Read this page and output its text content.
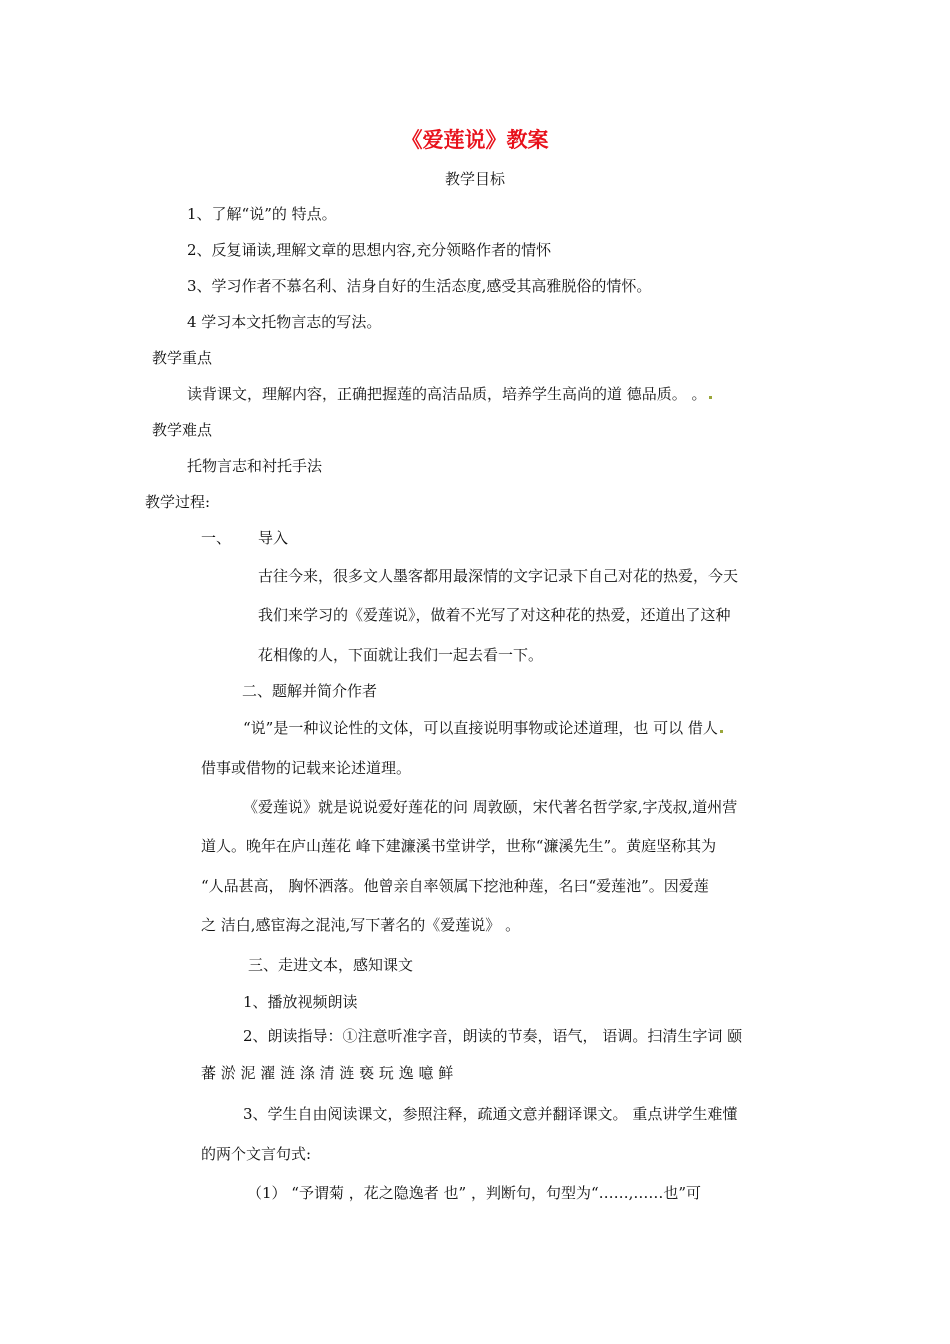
《爱莲说》教案
教学目标
1、了解“说”的 特点。
2、反复诵读,理解文章的思想内容,充分领略作者的情怀
3、学习作者不慕名利、洁身自好的生活态度,感受其高雅脱俗的情怀。
4 学习本文托物言志的写法。
教学重点
读背课文，理解内容，正确把握莲的高洁品质，培养学生高尚的道 德品质。 。
教学难点
托物言志和衬托手法
教学过程:
一、 导入
古往今来，很多文人墨客都用最深情的文字记录下自己对花的热爱，今天
我们来学习的《爱莲说》，做着不光写了对这种花的热爱，还道出了这种
花相像的人，下面就让我们一起去看一下。
二、题解并简介作者
“说”是一种议论性的文体，可以直接说明事物或论述道理，也 可以 借人
借事或借物的记载来论述道理。
《爱莲说》就是说说爱好莲花的问 周敦颐，宋代著名哲学家,字茂叔,道州营
道人。晚年在庐山莲花 峰下建濂溪书堂讲学，世称“濂溪先生”。黄庭坚称其为
“人品甚高， 胸怀洒落。他曾亲自率领属下挖池种莲，名曰“爱莲池”。因爱莲
之 洁白,感宦海之混沌,写下著名的《爱莲说》 。
三、走进文本，感知课文
1、播放视频朗读
2、朗读指导：①注意听准字音，朗读的节奏，语气， 语调。扫清生字词 颐
蕃 淤 泥 濯 涟 涤 清 涟 亵 玩 逸 噫 鲜
3、学生自由阅读课文，参照注释，疏通文意并翻译课文。 重点讲学生难懂
的两个文言句式:
（1） “予谓菊 ，花之隐逸者 也” ，判断句，句型为“……,……也”可
